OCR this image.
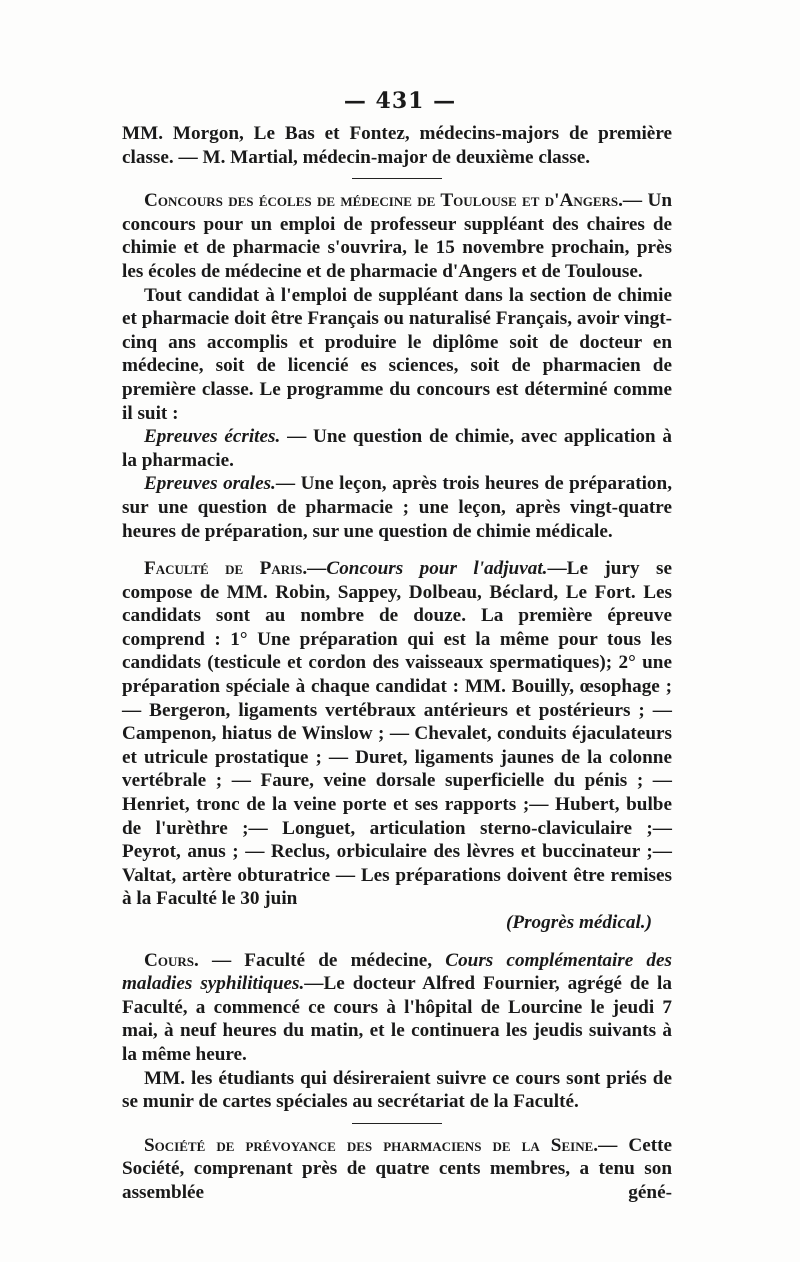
— 431 —

MM. Morgon, Le Bas et Fontez, médecins-majors de première classe. — M. Martial, médecin-major de deuxième classe.

Concours des écoles de médecine de Toulouse et d'Angers.— Un concours pour un emploi de professeur suppléant des chaires de chimie et de pharmacie s'ouvrira, le 15 novembre prochain, près les écoles de médecine et de pharmacie d'Angers et de Toulouse.

Tout candidat à l'emploi de suppléant dans la section de chimie et pharmacie doit être Français ou naturalisé Français, avoir vingt-cinq ans accomplis et produire le diplôme soit de docteur en médecine, soit de licencié es sciences, soit de pharmacien de première classe. Le programme du concours est déterminé comme il suit :

Epreuves écrites. — Une question de chimie, avec application à la pharmacie.

Epreuves orales.— Une leçon, après trois heures de préparation, sur une question de pharmacie ; une leçon, après vingt-quatre heures de préparation, sur une question de chimie médicale.

Faculté de Paris.—Concours pour l'adjuvat.—Le jury se compose de MM. Robin, Sappey, Dolbeau, Béclard, Le Fort. Les candidats sont au nombre de douze. La première épreuve comprend : 1° Une préparation qui est la même pour tous les candidats (testicule et cordon des vaisseaux spermatiques); 2° une préparation spéciale à chaque candidat : MM. Bouilly, œsophage ;— Bergeron, ligaments vertébraux antérieurs et postérieurs ; — Campenon, hiatus de Winslow ; — Chevalet, conduits éjaculateurs et utricule prostatique ; — Duret, ligaments jaunes de la colonne vertébrale ; — Faure, veine dorsale superficielle du pénis ; — Henriet, tronc de la veine porte et ses rapports ;— Hubert, bulbe de l'urèthre ;— Longuet, articulation sterno-claviculaire ;— Peyrot, anus ; — Reclus, orbiculaire des lèvres et buccinateur ;— Valtat, artère obturatrice — Les préparations doivent être remises à la Faculté le 30 juin

(Progrès médical.)

Cours. — Faculté de médecine, Cours complémentaire des maladies syphilitiques.—Le docteur Alfred Fournier, agrégé de la Faculté, a commencé ce cours à l'hôpital de Lourcine le jeudi 7 mai, à neuf heures du matin, et le continuera les jeudis suivants à la même heure.

MM. les étudiants qui désireraient suivre ce cours sont priés de se munir de cartes spéciales au secrétariat de la Faculté.

Société de prévoyance des pharmaciens de la Seine.— Cette Société, comprenant près de quatre cents membres, a tenu son assemblée géné-
